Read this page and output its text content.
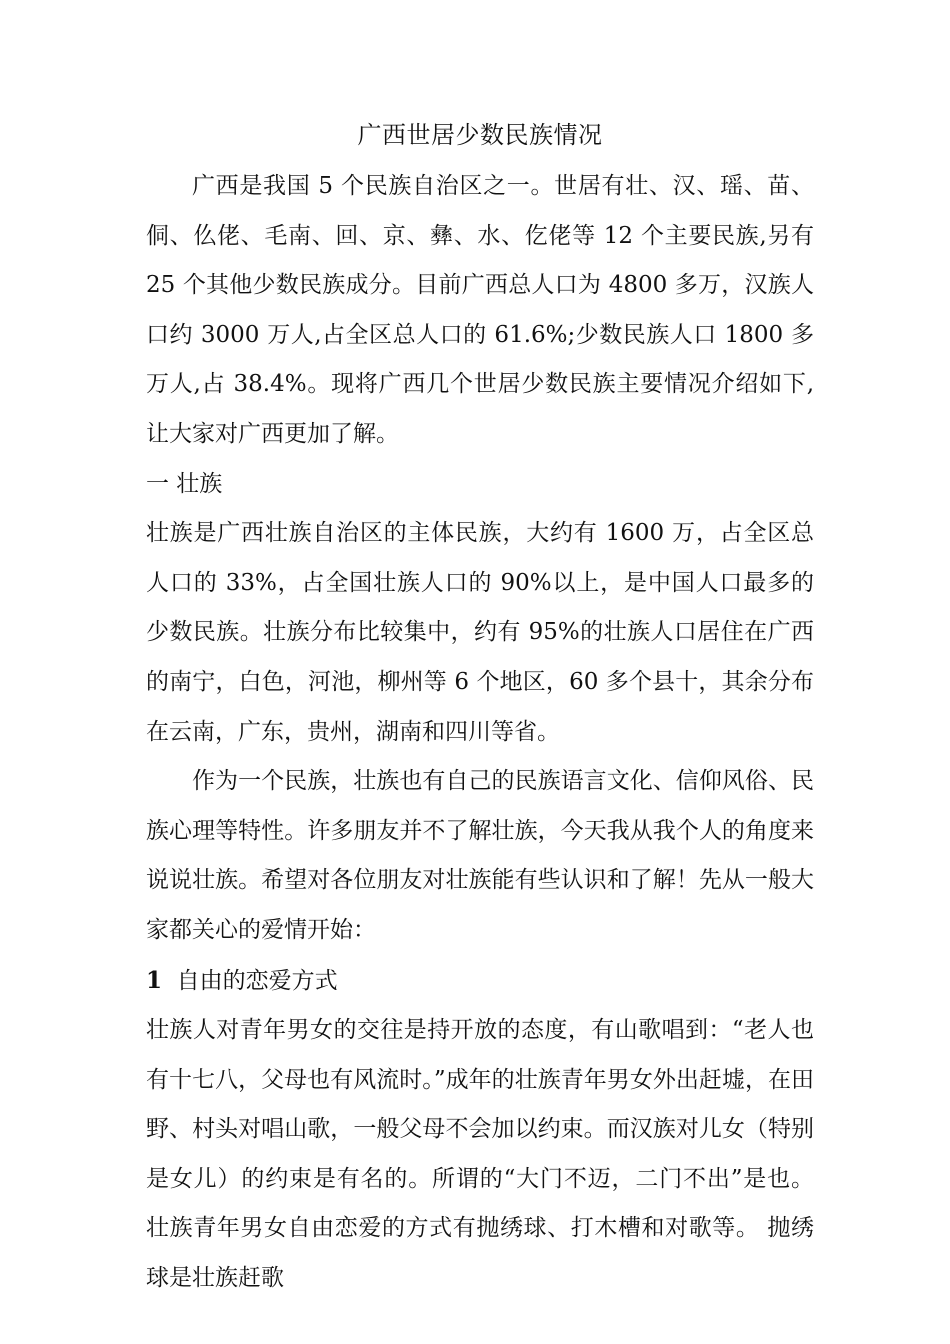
广西世居少数民族情况

广西是我国 5 个民族自治区之一。世居有壮、汉、瑶、苗、侗、仫佬、毛南、回、京、彝、水、仡佬等 12 个主要民族,另有 25 个其他少数民族成分。目前广西总人口为 4800 多万，汉族人口约 3000 万人,占全区总人口的 61.6%;少数民族人口 1800 多万人,占 38.4%。现将广西几个世居少数民族主要情况介绍如下,让大家对广西更加了解。

一 壮族

壮族是广西壮族自治区的主体民族，大约有 1600 万，占全区总人口的 33%，占全国壮族人口的 90%以上，是中国人口最多的少数民族。壮族分布比较集中，约有 95%的壮族人口居住在广西的南宁，白色，河池，柳州等 6 个地区，60 多个县十，其余分布在云南，广东，贵州，湖南和四川等省。

作为一个民族，壮族也有自己的民族语言文化、信仰风俗、民族心理等特性。许多朋友并不了解壮族，今天我从我个人的角度来说说壮族。希望对各位朋友对壮族能有些认识和了解！先从一般大家都关心的爱情开始：

1 自由的恋爱方式

壮族人对青年男女的交往是持开放的态度，有山歌唱到：“老人也有十七八，父母也有风流时。”成年的壮族青年男女外出赶墟，在田野、村头对唱山歌，一般父母不会加以约束。而汉族对儿女（特别是女儿）的约束是有名的。所谓的“大门不迈，二门不出”是也。 壮族青年男女自由恋爱的方式有抛绣球、打木槽和对歌等。 抛绣球是壮族赶歌
